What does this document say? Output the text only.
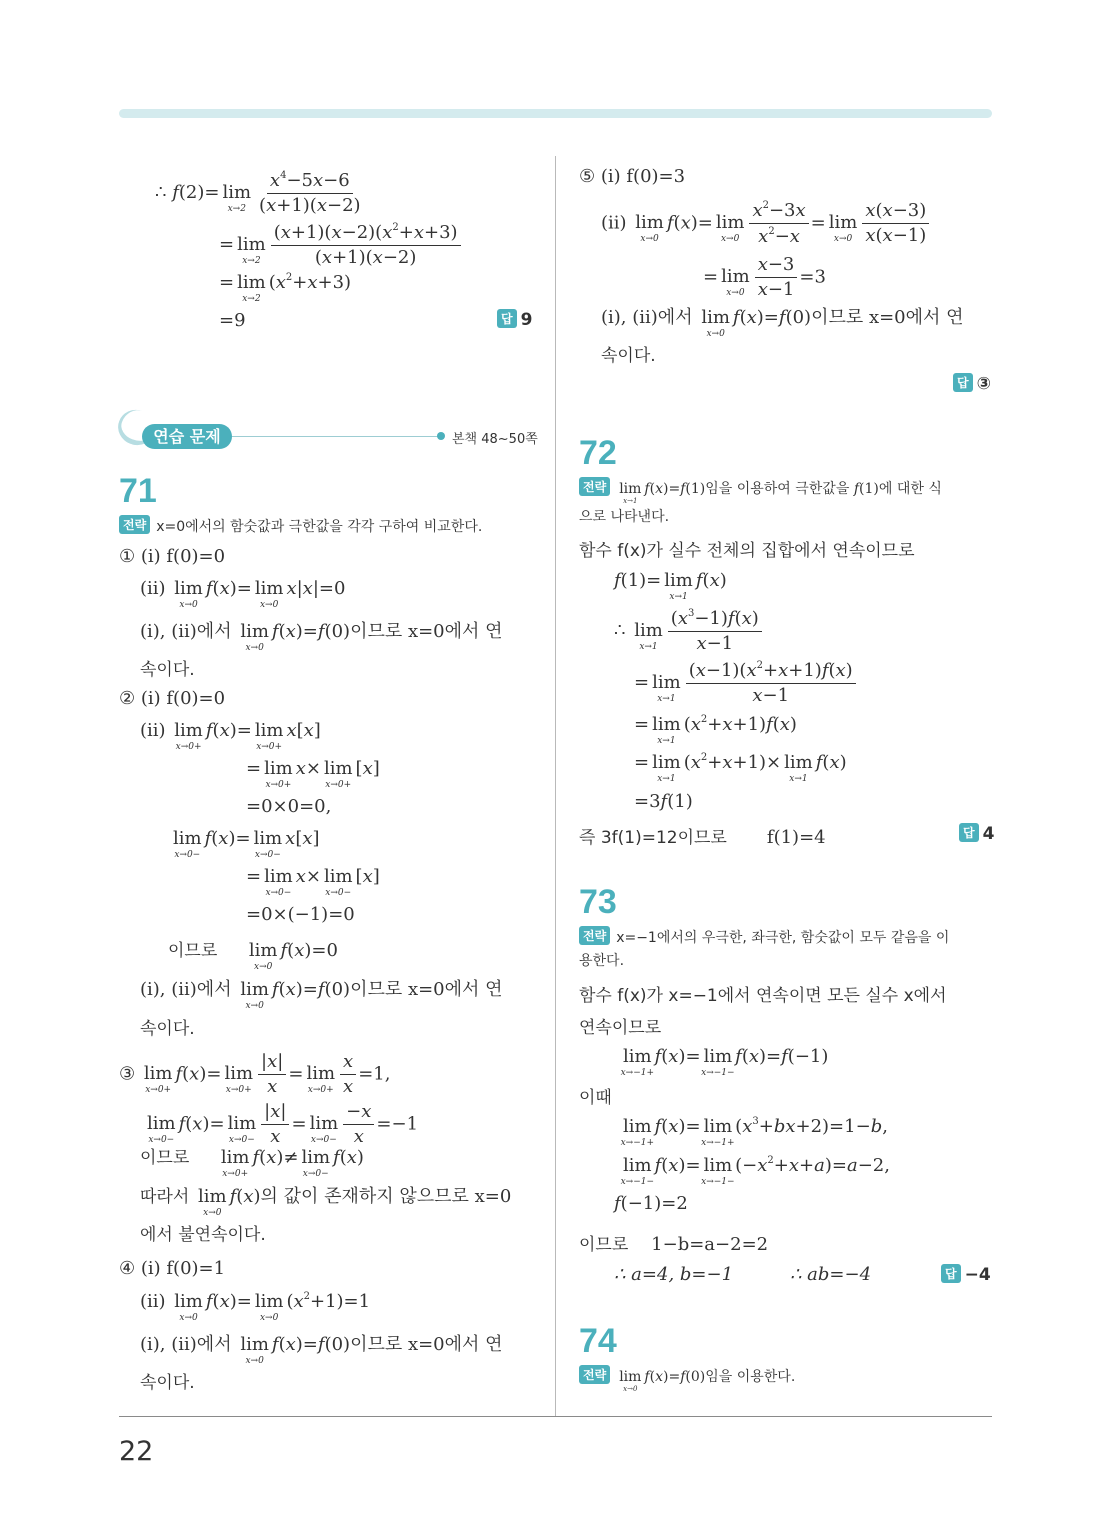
∴ f(2)= lim
$x\to 2 \frac{x^4-5x-6}{(x+1)(x-2)}$
= lim
$x\to 2 \frac{(x+1)(x-2)(x^2+x+3)}{(x+1)(x-2)}$
= lim
x→2
$(x^2+x+3)$
=9	답 9
연습 문제	본책 48~50쪽
71
전략 x=0에서의 함숫값과 극한값을 각각 구하여 비교한다.
① (i) f(0)=0
(ii) lim
x→0
f(x)= lim
x→0
x|x|=0
(i), (ii)에서 lim
x→0
f(x)=f(0)이므로 x=0에서 연
속이다.
② (i) f(0)=0
(ii) lim
x→0+
f(x)= lim
x→0+
x[x]
= lim
x→0+
x× lim
x→0+
[x]
=0×0=0,
lim
x→0−
f(x)= lim
x→0−
x[x]
= lim
x→0−
x× lim
x→0−
[x]
=0×(−1)=0
이므로 lim
x→0
f(x)=0
(i), (ii)에서 lim
x→0
f(x)=f(0)이므로 x=0에서 연
속이다.
③ lim
x→0+
f(x)= lim
$x\to 0+ \frac{|x|}{x} = \lim$
$x\to 0+ \frac{x}{x} =1$,
lim
x→0−
f(x)= lim
$x\to 0- \frac{|x|}{x} = \lim$
$x\to 0- \frac{-x}{x} =-1$
이므로 lim
x→0+
f(x)≠ lim
x→0−
f(x)
따라서 lim
x→0
f(x)의 값이 존재하지 않으므로 x=0
에서 불연속이다.
④ (i) f(0)=1
(ii) lim
x→0
f(x)= lim
x→0
$(x^2+1)=1$
(i), (ii)에서 lim
x→0
f(x)=f(0)이므로 x=0에서 연
속이다.
⑤ (i) f(0)=3
(ii) lim
x→0
f(x)= lim
$x\to 0 \frac{x^2-3x}{x^2-x} = \lim$
$x\to 0 \frac{x(x-3)}{x(x-1)}$
= lim
$x\to 0 \frac{x-3}{x-1} =3$
(i), (ii)에서 lim
x→0
f(x)=f(0)이므로 x=0에서 연
속이다.
답 ③
72
전략 lim
x→1
f(x)=f(1)임을 이용하여 극한값을 f(1)에 대한 식
으로 나타낸다.
함수 f(x)가 실수 전체의 집합에서 연속이므로
f(1)= lim
x→1
f(x)
∴ lim
$x\to 1 \frac{(x^3-1)f(x)}{x-1}$
= lim
$x\to 1 \frac{(x-1)(x^2+x+1)f(x)}{x-1}$
= lim
x→1
$(x^2+x+1)f(x)$
= lim
x→1
$(x^2+x+1)\times \lim$
x→1
f(x)
=3f(1)
즉 3f(1)=12이므로 f(1)=4	답 4
73
전략 x=−1에서의 우극한, 좌극한, 함숫값이 모두 같음을 이
용한다.
함수 f(x)가 x=−1에서 연속이면 모든 실수 x에서
연속이므로
lim
x→−1+
f(x)= lim
x→−1−
f(x)=f(−1)
이때
lim
x→−1+
f(x)= lim
x→−1+
$(x^3+bx+2)=1-b$,
lim
x→−1−
f(x)= lim
x→−1−
$(-x^2+x+a)=a-2$,
f(−1)=2
이므로 1−b=a−2=2
∴ a=4, b=−1	∴ ab=−4	답 −4
74
전략 lim
x→0
f(x)=f(0)임을 이용한다.
22
